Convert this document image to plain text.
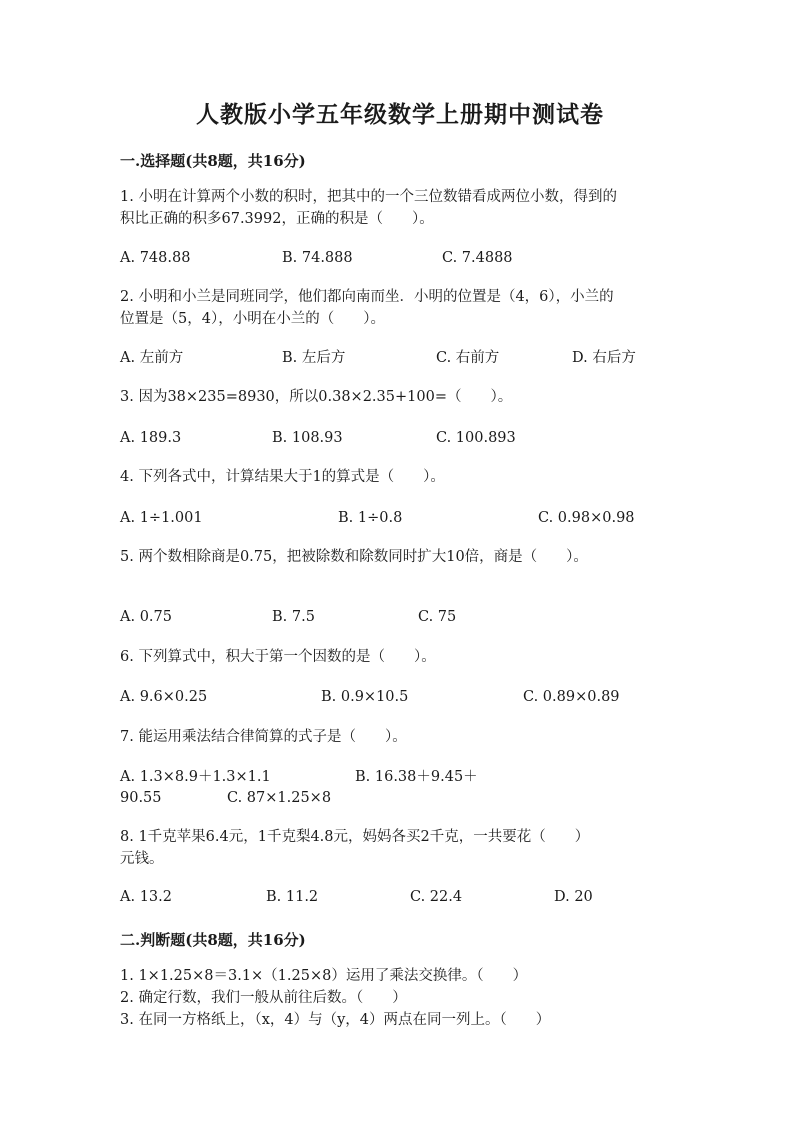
人教版小学五年级数学上册期中测试卷
一.选择题(共8题，共16分)
1. 小明在计算两个小数的积时，把其中的一个三位数错看成两位小数，得到的
积比正确的积多67.3992，正确的积是（　　）。
A. 748.88	B. 74.888	C. 7.4888
2. 小明和小兰是同班同学，他们都向南而坐．小明的位置是（4，6），小兰的
位置是（5，4），小明在小兰的（　　）。
A. 左前方	B. 左后方	C. 右前方	D. 右后方
3. 因为38×235=8930，所以0.38×2.35+100=（　　）。
A. 189.3	B. 108.93	C. 100.893
4. 下列各式中，计算结果大于1的算式是（　　）。
A. 1÷1.001	B. 1÷0.8	C. 0.98×0.98
5. 两个数相除商是0.75，把被除数和除数同时扩大10倍，商是（　　）。
A. 0.75	B. 7.5	C. 75
6. 下列算式中，积大于第一个因数的是（　　）。
A. 9.6×0.25	B. 0.9×10.5	C. 0.89×0.89
7. 能运用乘法结合律简算的式子是（　　）。
A. 1.3×8.9＋1.3×1.1	B. 16.38＋9.45＋
90.55	C. 87×1.25×8
8. 1千克苹果6.4元，1千克梨4.8元，妈妈各买2千克，一共要花（　　）
元钱。
A. 13.2	B. 11.2	C. 22.4	D. 20
二.判断题(共8题，共16分)
1. 1×1.25×8＝3.1×（1.25×8）运用了乘法交换律。（　　）
2. 确定行数，我们一般从前往后数。（　　）
3. 在同一方格纸上，（x，4）与（y，4）两点在同一列上。（　　）
